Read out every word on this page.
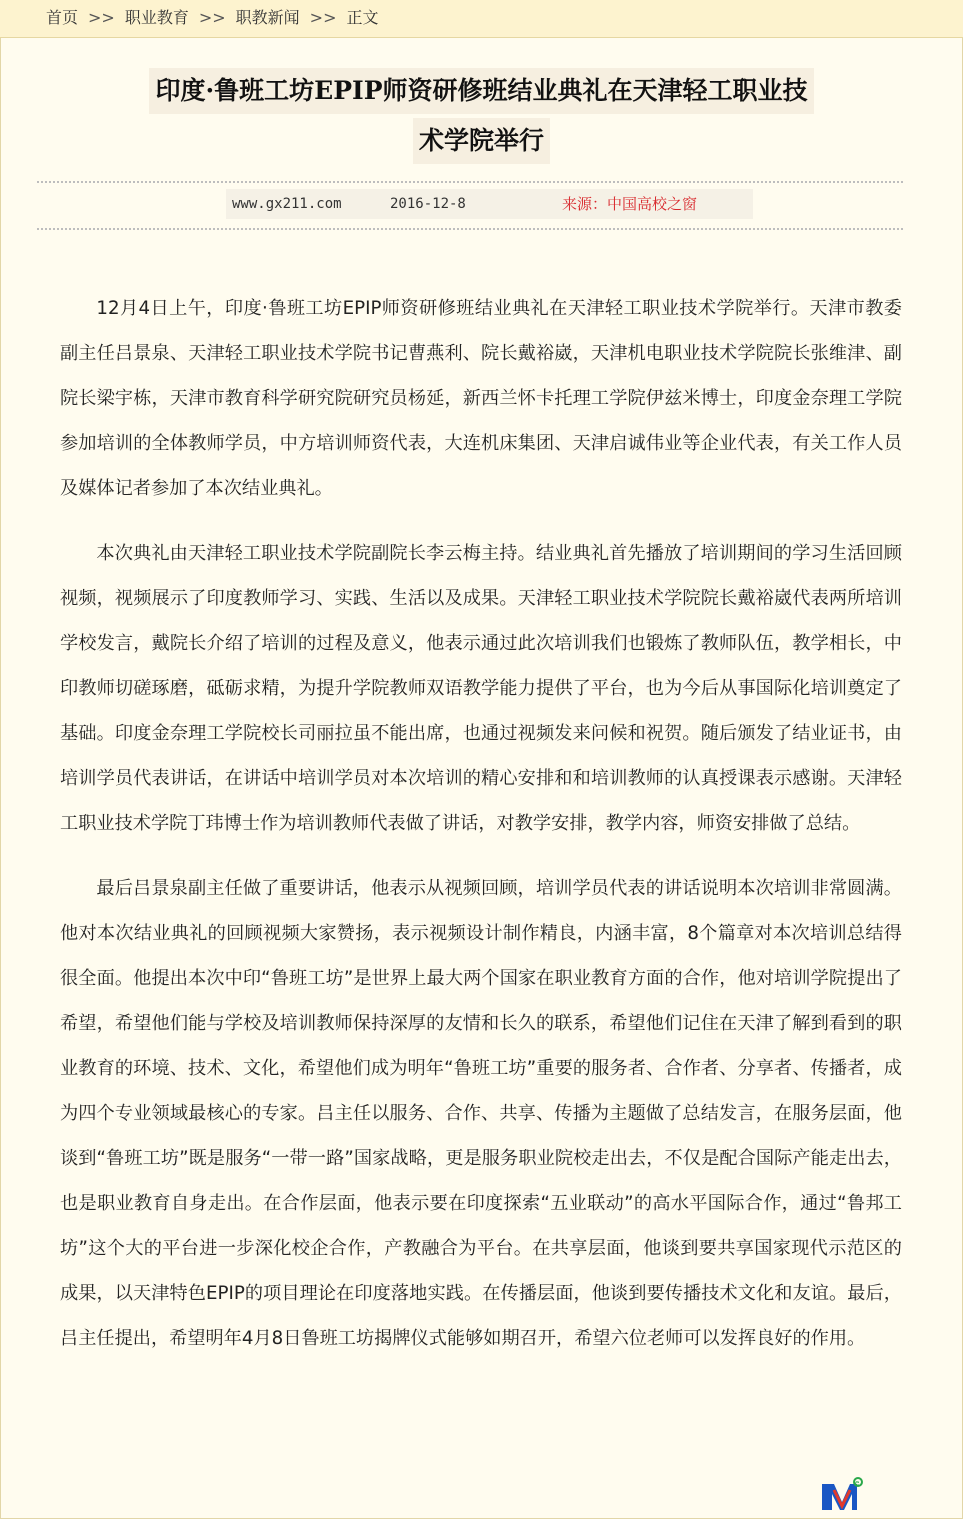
首页 >> 职业教育 >> 职教新闻 >> 正文
印度·鲁班工坊EPIP师资研修班结业典礼在天津轻工职业技
术学院举行
www.gx211.com	2016-12-8	来源：中国高校之窗

12月4日上午，印度·鲁班工坊EPIP师资研修班结业典礼在天津轻工职业技术学院举行。天津市教委副主任吕景泉、天津轻工职业技术学院书记曹燕利、院长戴裕崴，天津机电职业技术学院院长张维津、副院长梁宇栋，天津市教育科学研究院研究员杨延，新西兰怀卡托理工学院伊兹米博士，印度金奈理工学院参加培训的全体教师学员，中方培训师资代表，大连机床集团、天津启诚伟业等企业代表，有关工作人员及媒体记者参加了本次结业典礼。

本次典礼由天津轻工职业技术学院副院长李云梅主持。结业典礼首先播放了培训期间的学习生活回顾视频，视频展示了印度教师学习、实践、生活以及成果。天津轻工职业技术学院院长戴裕崴代表两所培训学校发言，戴院长介绍了培训的过程及意义，他表示通过此次培训我们也锻炼了教师队伍，教学相长，中印教师切磋琢磨，砥砺求精，为提升学院教师双语教学能力提供了平台，也为今后从事国际化培训奠定了基础。印度金奈理工学院校长司丽拉虽不能出席，也通过视频发来问候和祝贺。随后颁发了结业证书，由培训学员代表讲话，在讲话中培训学员对本次培训的精心安排和和培训教师的认真授课表示感谢。天津轻工职业技术学院丁玮博士作为培训教师代表做了讲话，对教学安排，教学内容，师资安排做了总结。

最后吕景泉副主任做了重要讲话，他表示从视频回顾，培训学员代表的讲话说明本次培训非常圆满。他对本次结业典礼的回顾视频大家赞扬，表示视频设计制作精良，内涵丰富，8个篇章对本次培训总结得很全面。他提出本次中印“鲁班工坊”是世界上最大两个国家在职业教育方面的合作，他对培训学院提出了希望，希望他们能与学校及培训教师保持深厚的友情和长久的联系，希望他们记住在天津了解到看到的职业教育的环境、技术、文化，希望他们成为明年“鲁班工坊”重要的服务者、合作者、分享者、传播者，成为四个专业领域最核心的专家。吕主任以服务、合作、共享、传播为主题做了总结发言，在服务层面，他谈到“鲁班工坊”既是服务“一带一路”国家战略，更是服务职业院校走出去，不仅是配合国际产能走出去，也是职业教育自身走出。在合作层面，他表示要在印度探索“五业联动”的高水平国际合作，通过“鲁邦工坊”这个大的平台进一步深化校企合作，产教融合为平台。在共享层面，他谈到要共享国家现代示范区的成果，以天津特色EPIP的项目理论在印度落地实践。在传播层面，他谈到要传播技术文化和友谊。最后，吕主任提出，希望明年4月8日鲁班工坊揭牌仪式能够如期召开，希望六位老师可以发挥良好的作用。

e
